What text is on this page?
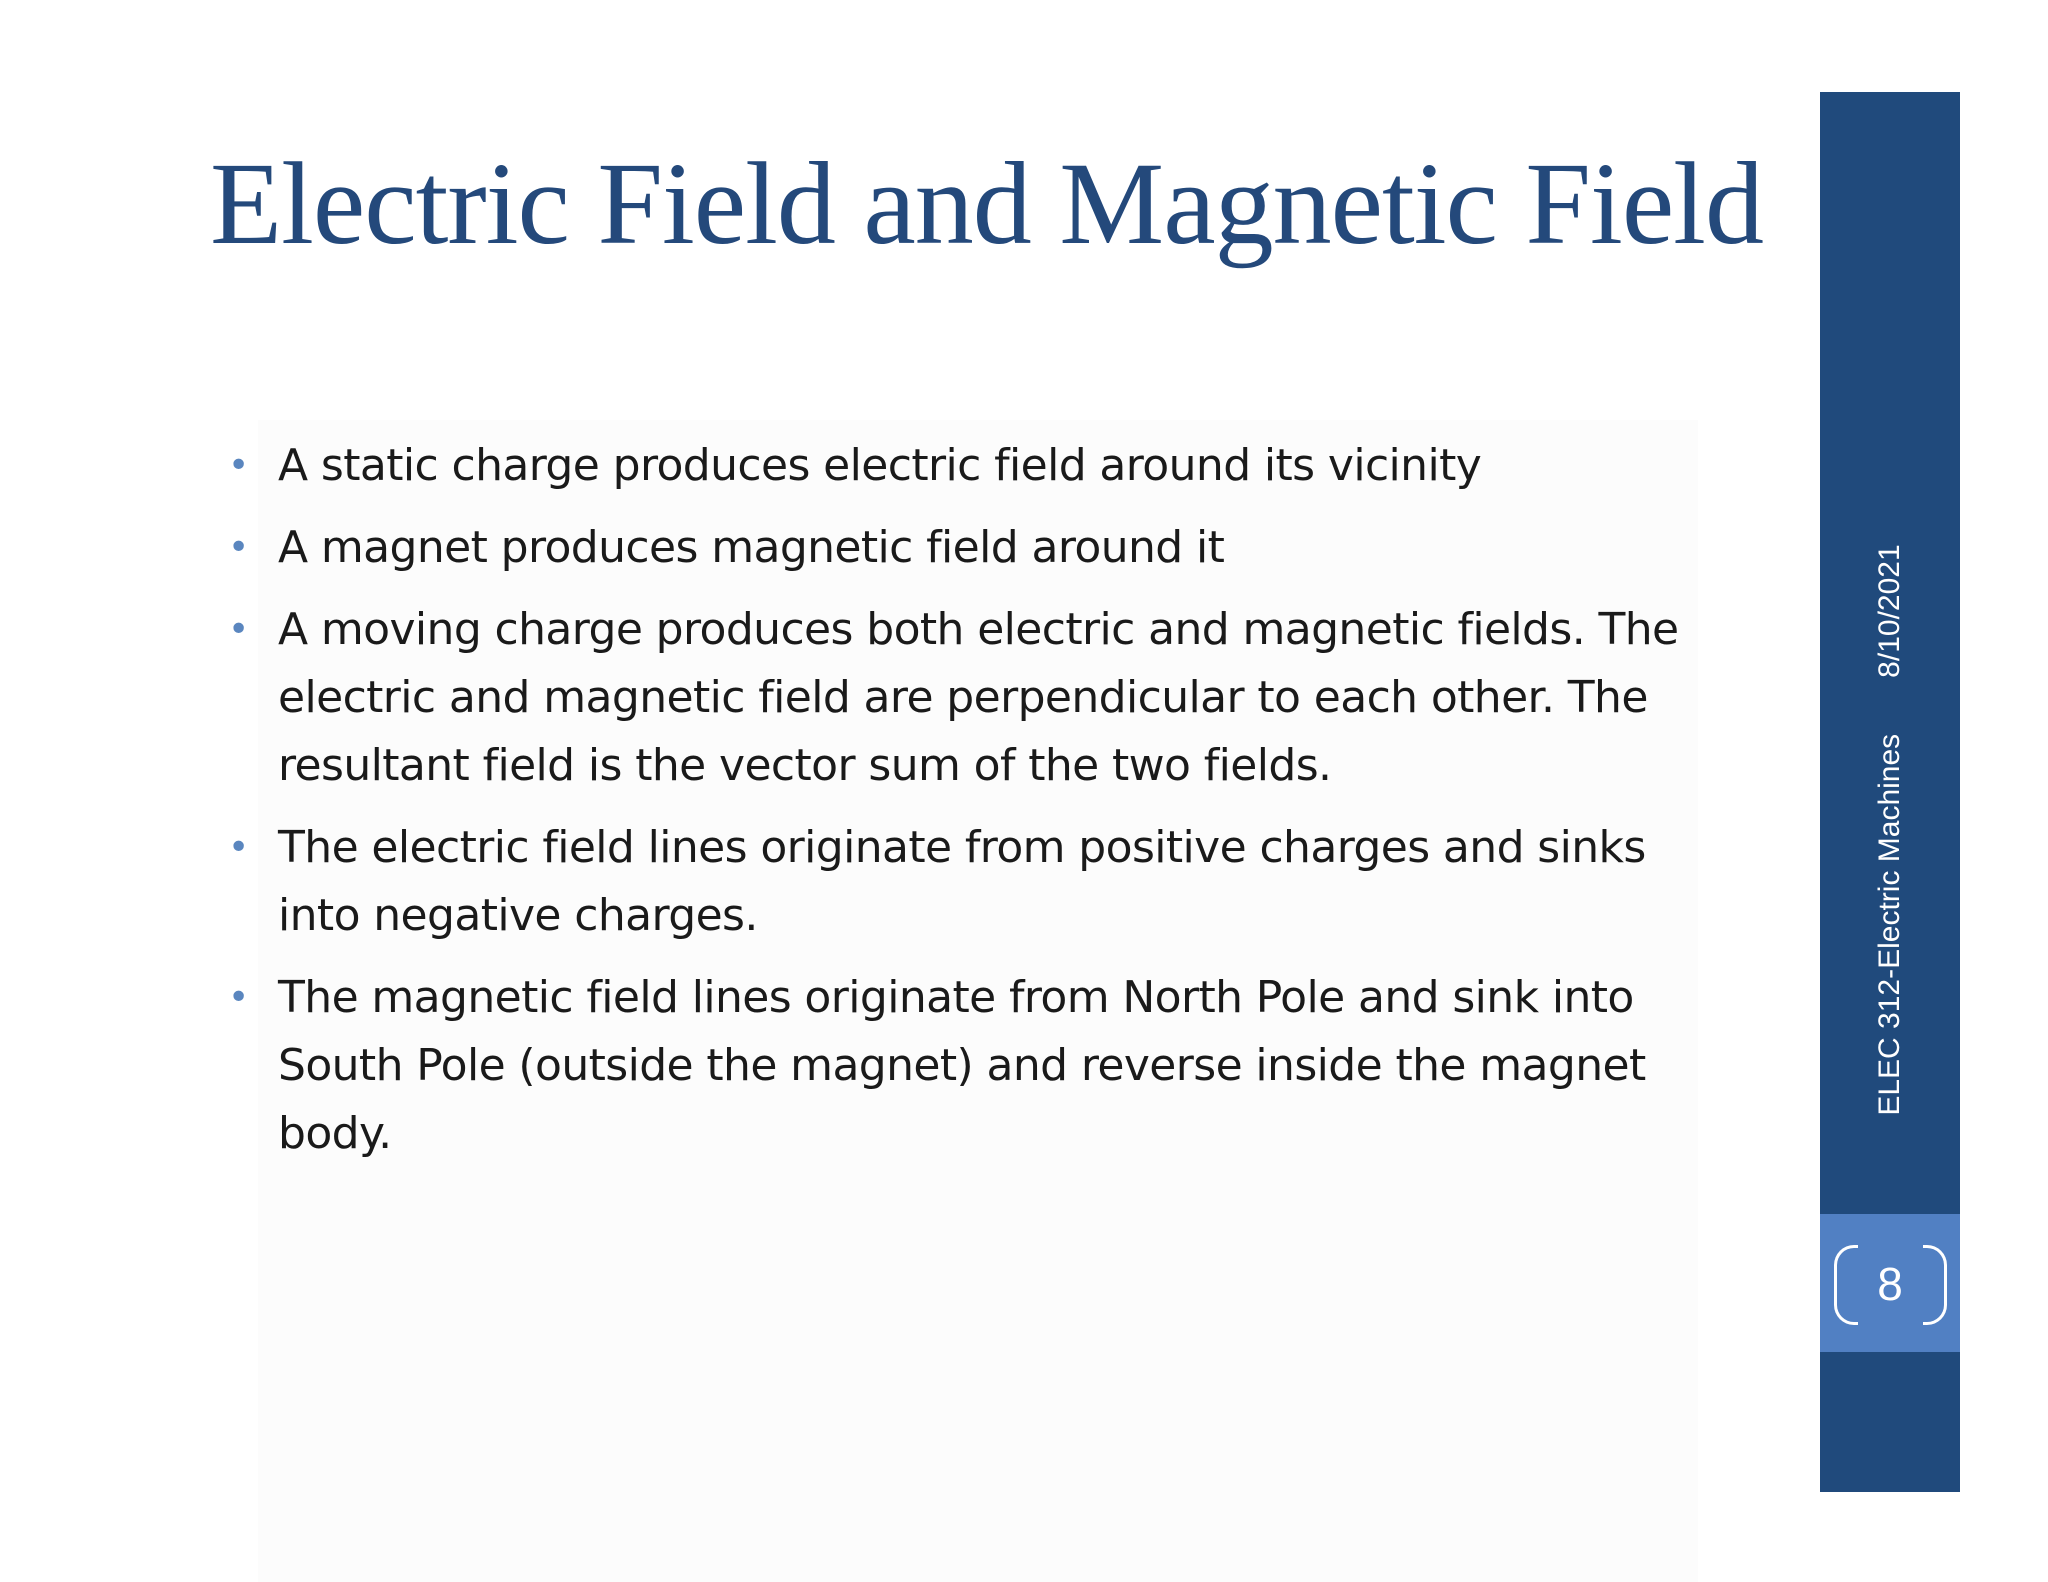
Electric Field and Magnetic Field
• A static charge produces electric field around its vicinity
• A magnet produces magnetic field around it
• A moving charge produces both electric and magnetic fields. The electric and magnetic field are perpendicular to each other. The resultant field is the vector sum of the two fields.
• The electric field lines originate from positive charges and sinks into negative charges.
• The magnetic field lines originate from North Pole and sink into South Pole (outside the magnet) and reverse inside the magnet body.
ELEC 312-Electric Machines8/10/2021
8
